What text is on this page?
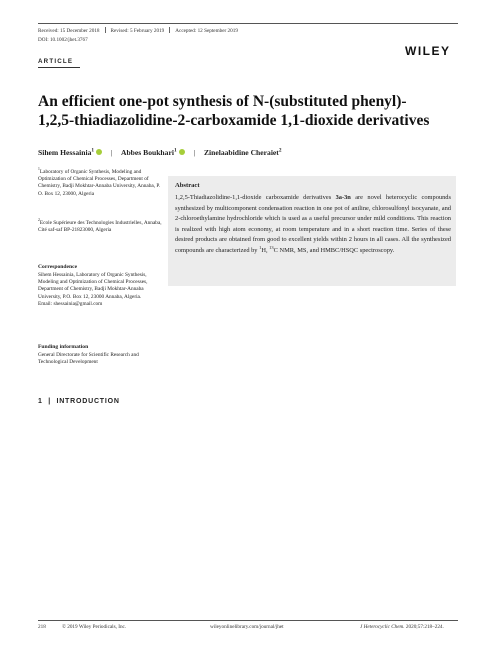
Received: 15 December 2018 Revised: 5 February 2019 Accepted: 12 September 2019
DOI: 10.1002/jhet.3767
WILEY
ARTICLE
An efficient one-pot synthesis of N-(substituted phenyl)-
1,2,5-thiadiazolidine-2-carboxamide 1,1-dioxide derivatives
Sihem Hessainia$^1$ | Abbes Boukhari$^1$ | Zinelaabidine Cheraiet$^2$
$^1$Laboratory of Organic Synthesis, Modeling and Optimization of Chemical Processes, Department of Chemistry, Badji Mokhtar-Annaba University, Annaba, P. O. Box 12, 23000, Algeria
$^2$Ecole Supérieure des Technologies Industrielles, Annaba, Cité saf-saf BP-21823000, Algeria
Correspondence
Sihem Hessainia, Laboratory of Organic Synthesis, Modeling and Optimization of Chemical Processes, Department of Chemistry, Badji Mokhtar-Annaba University, P.O. Box 12, 23000 Annaba, Algeria.
Email: shessainia@gmail.com
Funding information
General Directorate for Scientific Research and Technological Development
Abstract
1,2,5-Thiadiazolidine-1,1-dioxide carboxamide derivatives 3a-3n are novel heterocyclic compounds synthesized by multicomponent condensation reaction in one pot of aniline, chlorosulfonyl isocyanate, and 2-chloroethylamine hydrochloride which is used as a useful precursor under mild conditions. This reaction is realized with high atom economy, at room temperature and in a short reaction time. Series of these desired products are obtained from good to excellent yields within 2 hours in all cases. All the synthesized compounds are characterized by $^1$H, $^{13}$C NMR, MS, and HMBC/HSQC spectroscopy.
1  |  INTRODUCTION

218	© 2019 Wiley Periodicals, Inc.	wileyonlinelibrary.com/journal/jhet	J Heterocyclic Chem. 2020;57:218–224.
